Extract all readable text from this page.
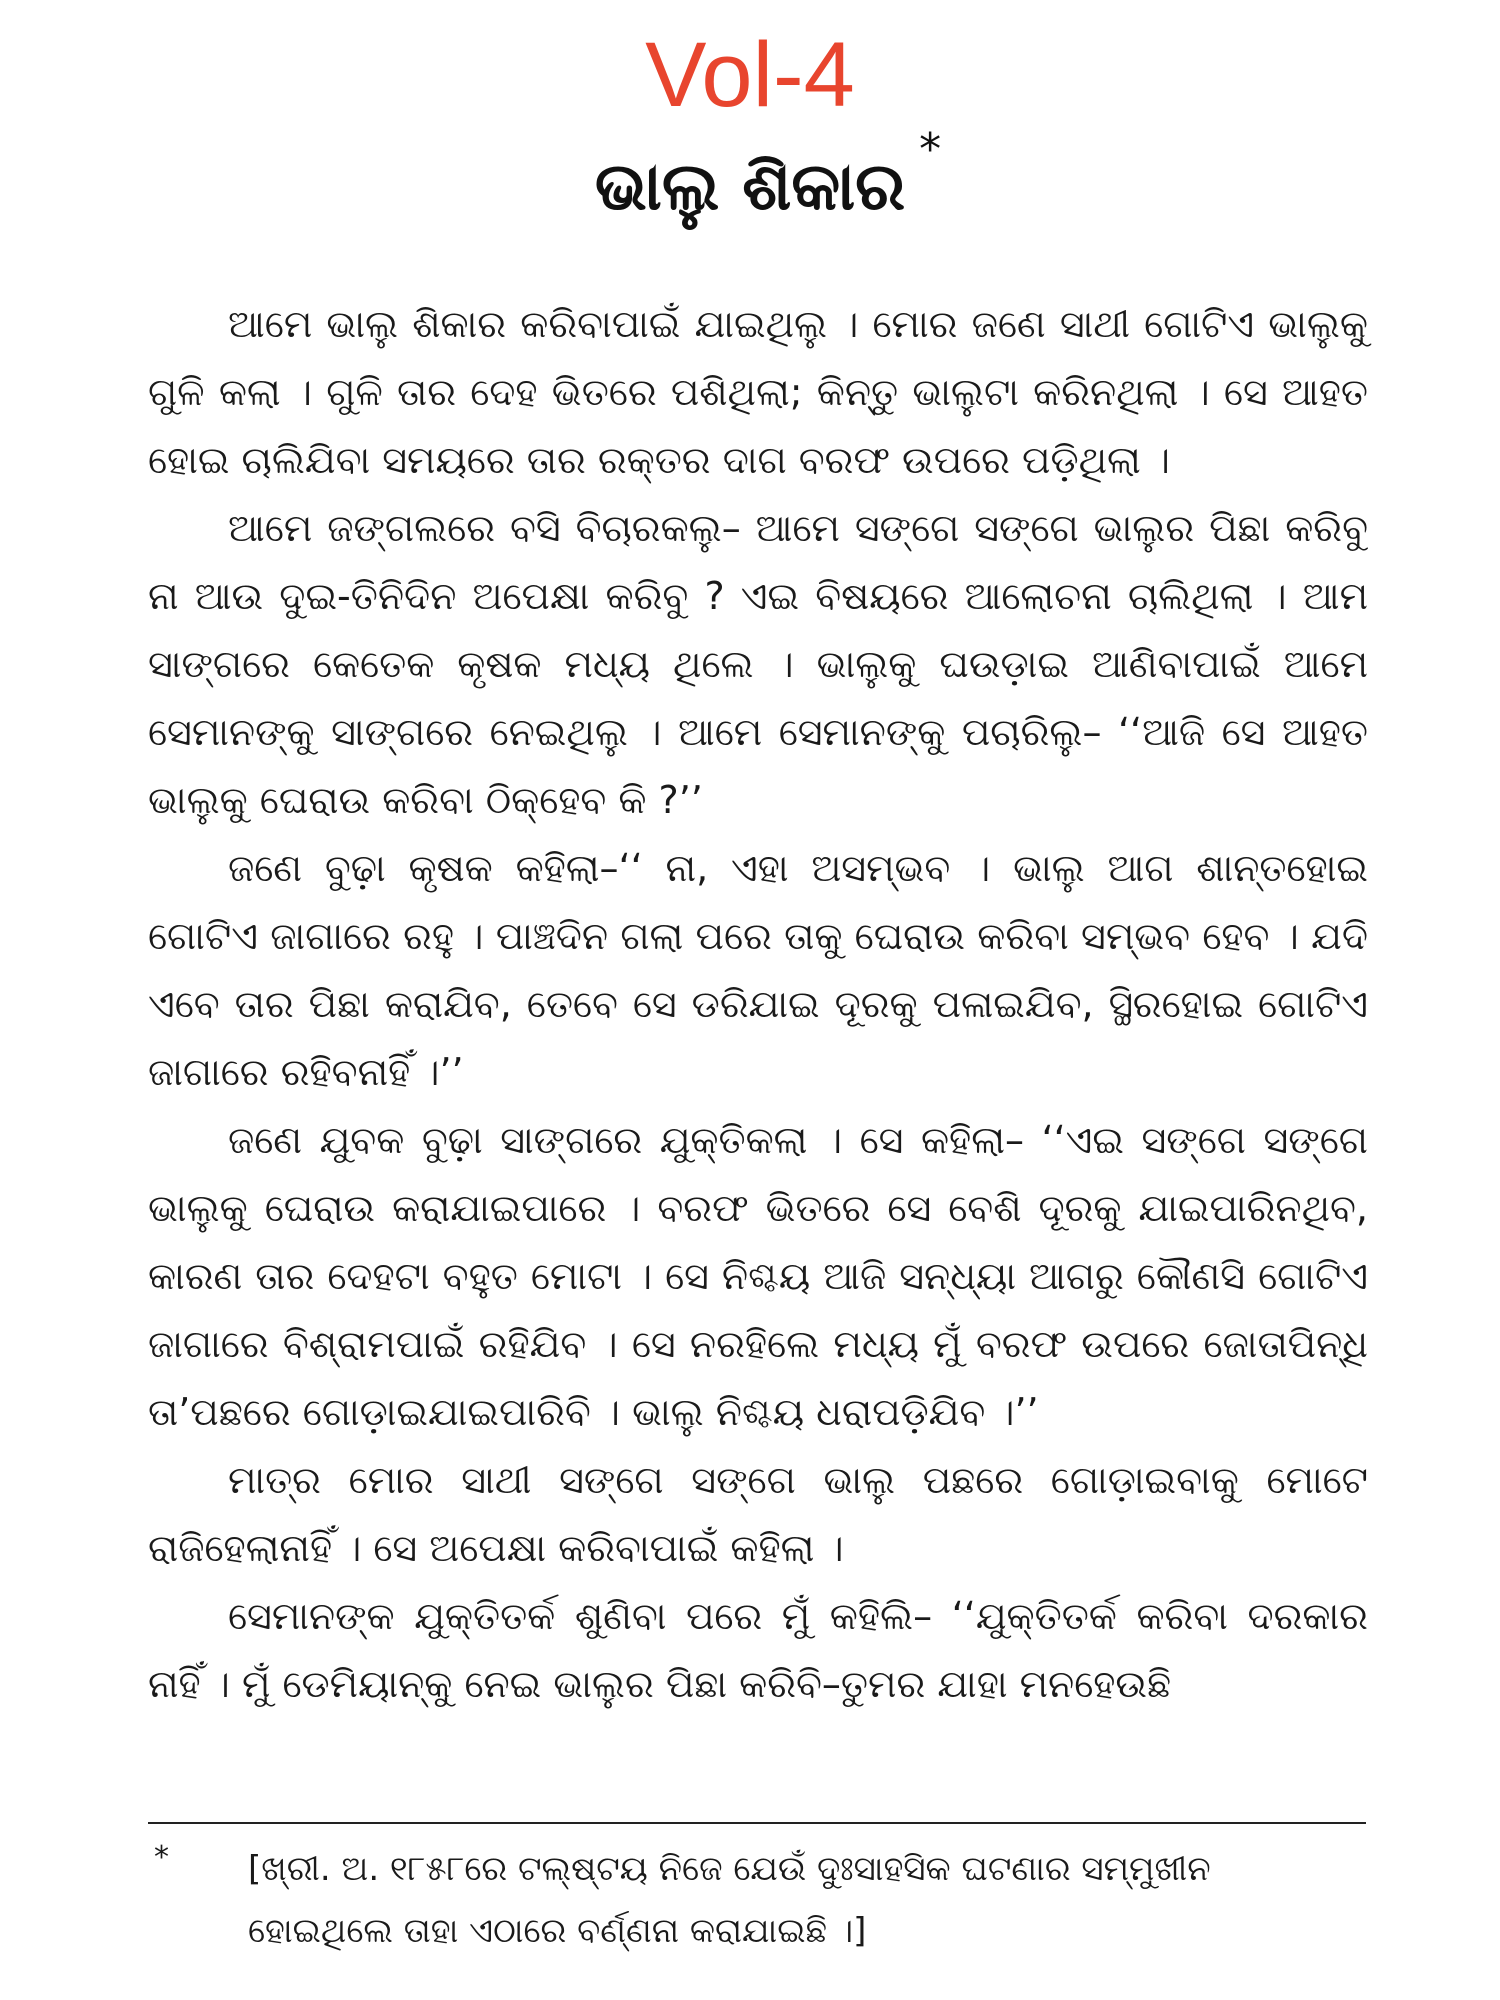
Vol-4
ଭାଲୁ ଶିକାର *

ଆମେ ଭାଲୁ ଶିକାର କରିବାପାଇଁ ଯାଇଥିଲୁ । ମୋର ଜଣେ ସାଥୀ ଗୋଟିଏ ଭାଲୁକୁ ଗୁଳି କଲା । ଗୁଳି ତାର ଦେହ ଭିତରେ ପଶିଥିଲା; କିନ୍ତୁ ଭାଲୁଟା କରିନଥିଲା । ସେ ଆହତ ହୋଇ ଚାଲିଯିବା ସମୟରେ ତାର ରକ୍ତର ଦାଗ ବରଫ ଉପରେ ପଡ଼ିଥିଲା ।

ଆମେ ଜଙ୍ଗଲରେ ବସି ବିଚାରକଲୁ– ଆମେ ସଙ୍ଗେ ସଙ୍ଗେ ଭାଲୁର ପିଛା କରିବୁ ନା ଆଉ ଦୁଇ-ତିନିଦିନ ଅପେକ୍ଷା କରିବୁ ? ଏଇ ବିଷୟରେ ଆଲୋଚନା ଚାଲିଥିଲା । ଆମ ସାଙ୍ଗରେ କେତେକ କୃଷକ ମଧ୍ୟ ଥିଲେ । ଭାଲୁକୁ ଘଉଡ଼ାଇ ଆଣିବାପାଇଁ ଆମେ ସେମାନଙ୍କୁ ସାଙ୍ଗରେ ନେଇଥିଲୁ । ଆମେ ସେମାନଙ୍କୁ ପଚାରିଲୁ– ‘‘ଆଜି ସେ ଆହତ ଭାଲୁକୁ ଘେରାଉ କରିବା ଠିକ୍‌ହେବ କି ?’’

ଜଣେ ବୁଢ଼ା କୃଷକ କହିଲା–‘‘ ନା, ଏହା ଅସମ୍ଭବ । ଭାଲୁ ଆଗ ଶାନ୍ତହୋଇ ଗୋଟିଏ ଜାଗାରେ ରହୁ । ପାଞ୍ଚଦିନ ଗଲା ପରେ ତାକୁ ଘେରାଉ କରିବା ସମ୍ଭବ ହେବ । ଯଦି ଏବେ ତାର ପିଛା କରାଯିବ, ତେବେ ସେ ଡରିଯାଇ ଦୂରକୁ ପଳାଇଯିବ, ସ୍ଥିରହୋଇ ଗୋଟିଏ ଜାଗାରେ ରହିବନାହିଁ ।’’

ଜଣେ ଯୁବକ ବୁଢ଼ା ସାଙ୍ଗରେ ଯୁକ୍ତିକଲା । ସେ କହିଲା– ‘‘ଏଇ ସଙ୍ଗେ ସଙ୍ଗେ ଭାଲୁକୁ ଘେରାଉ କରାଯାଇପାରେ । ବରଫ ଭିତରେ ସେ ବେଶି ଦୂରକୁ ଯାଇପାରିନଥିବ, କାରଣ ତାର ଦେହଟା ବହୁତ ମୋଟା । ସେ ନିଶ୍ଚୟ ଆଜି ସନ୍ଧ୍ୟା ଆଗରୁ କୌଣସି ଗୋଟିଏ ଜାଗାରେ ବିଶ୍ରାମପାଇଁ ରହିଯିବ । ସେ ନରହିଲେ ମଧ୍ୟ ମୁଁ ବରଫ ଉପରେ ଜୋତାପିନ୍ଧି ତା’ପଛରେ ଗୋଡ଼ାଇଯାଇପାରିବି । ଭାଲୁ ନିଶ୍ଚୟ ଧରାପଡ଼ିଯିବ ।’’

ମାତ୍ର ମୋର ସାଥୀ ସଙ୍ଗେ ସଙ୍ଗେ ଭାଲୁ ପଛରେ ଗୋଡ଼ାଇବାକୁ ମୋଟେ ରାଜିହେଲାନାହିଁ । ସେ ଅପେକ୍ଷା କରିବାପାଇଁ କହିଲା ।

ସେମାନଙ୍କ ଯୁକ୍ତିତର୍କ ଶୁଣିବା ପରେ ମୁଁ କହିଲି– ‘‘ଯୁକ୍ତିତର୍କ କରିବା ଦରକାର ନାହିଁ । ମୁଁ ଡେମିୟାନ୍‌କୁ ନେଇ ଭାଲୁର ପିଛା କରିବି–ତୁମର ଯାହା ମନହେଉଛି

* [ଖ୍ରୀ. ଅ. ୧୮୫୮ରେ ଟଲ୍‌ଷ୍ଟୟ ନିଜେ ଯେଉଁ ଦୁଃସାହସିକ ଘଟଣାର ସମ୍ମୁଖୀନ ହୋଇଥିଲେ ତାହା ଏଠାରେ ବର୍ଣ୍ଣନା କରାଯାଇଛି ।]
